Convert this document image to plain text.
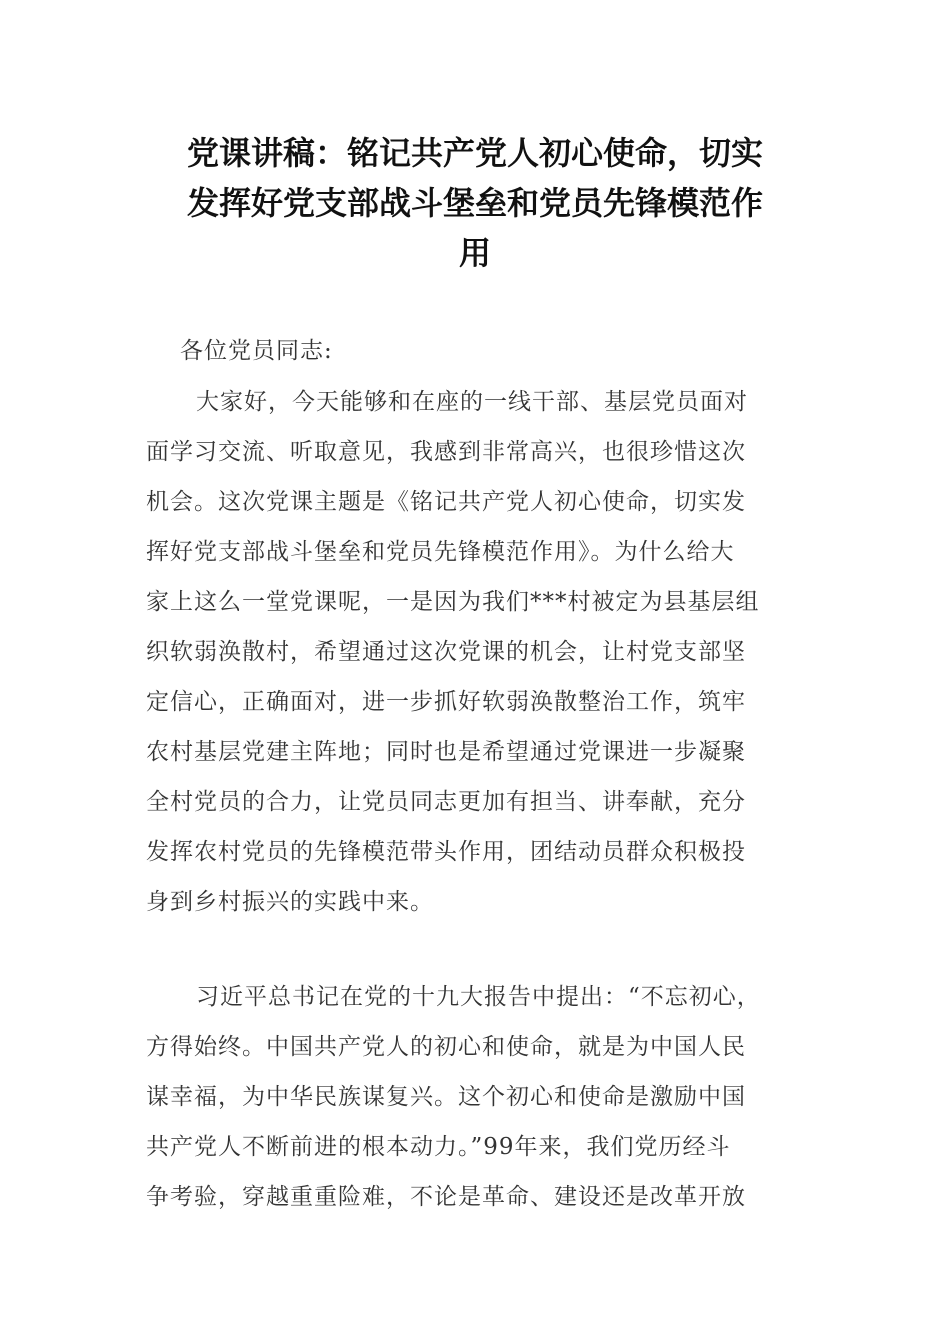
党课讲稿：铭记共产党人初心使命，切实
发挥好党支部战斗堡垒和党员先锋模范作
用
各位党员同志:
大家好，今天能够和在座的一线干部、基层党员面对
面学习交流、听取意见，我感到非常高兴，也很珍惜这次
机会。这次党课主题是《铭记共产党人初心使命，切实发
挥好党支部战斗堡垒和党员先锋模范作用》。为什么给大
家上这么一堂党课呢，一是因为我们***村被定为县基层组
织软弱涣散村，希望通过这次党课的机会，让村党支部坚
定信心，正确面对，进一步抓好软弱涣散整治工作，筑牢
农村基层党建主阵地；同时也是希望通过党课进一步凝聚
全村党员的合力，让党员同志更加有担当、讲奉献，充分
发挥农村党员的先锋模范带头作用，团结动员群众积极投
身到乡村振兴的实践中来。
习近平总书记在党的十九大报告中提出：“不忘初心，
方得始终。中国共产党人的初心和使命，就是为中国人民
谋幸福，为中华民族谋复兴。这个初心和使命是激励中国
共产党人不断前进的根本动力。”99年来，我们党历经斗
争考验，穿越重重险难，不论是革命、建设还是改革开放
